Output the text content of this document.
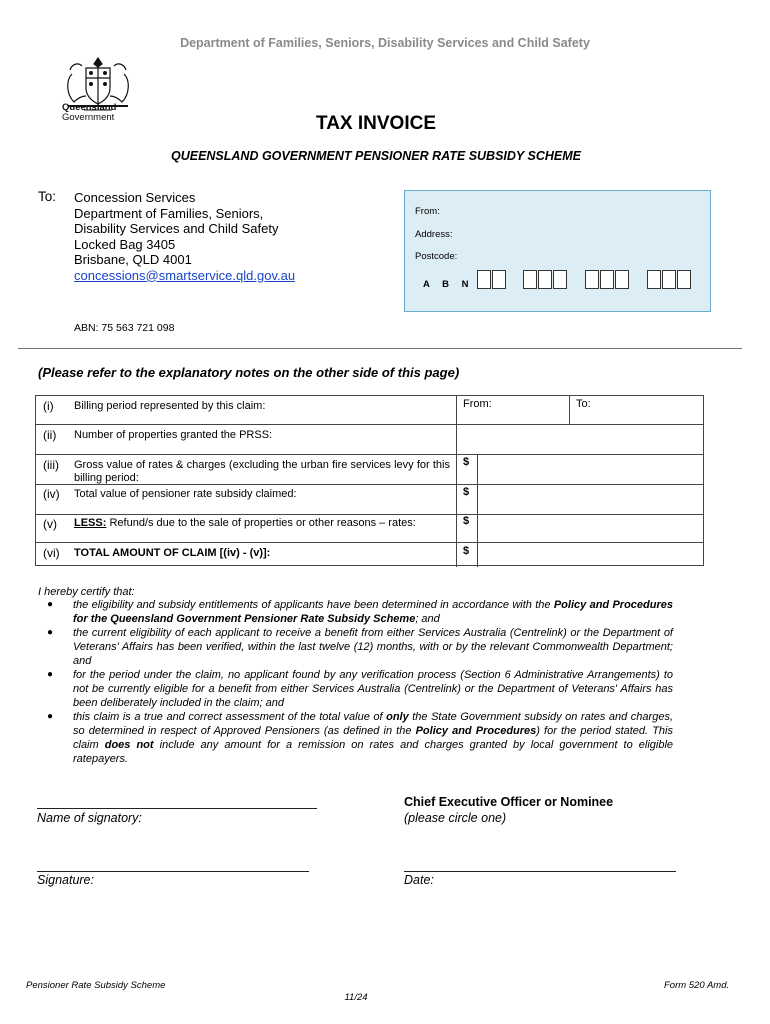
Department of Families, Seniors, Disability Services and Child Safety
Queensland
Government	TAX INVOICE
QUEENSLAND GOVERNMENT PENSIONER RATE SUBSIDY SCHEME
To: Concession Services
Department of Families, Seniors,
Disability Services and Child Safety
Locked Bag 3405
Brisbane, QLD 4001
concessions@smartservice.qld.gov.au
ABN: 75 563 721 098
From:
Address:
Postcode:
A B N
(Please refer to the explanatory notes on the other side of this page)
(i) Billing period represented by this claim:	From:	To:
(ii) Number of properties granted the PRSS:
(iii) Gross value of rates & charges (excluding the urban fire services levy for this billing period:
$
(iv) Total value of pensioner rate subsidy claimed:	$
(v) LESS: Refund/s due to the sale of properties or other reasons – rates:	$
(vi) TOTAL AMOUNT OF CLAIM [(iv) - (v)]:	$
I hereby certify that:
● the eligibility and subsidy entitlements of applicants have been determined in accordance with the Policy and Procedures for the Queensland Government Pensioner Rate Subsidy Scheme; and
● the current eligibility of each applicant to receive a benefit from either Services Australia (Centrelink) or the Department of Veterans' Affairs has been verified, within the last twelve (12) months, with or by the relevant Commonwealth Department; and
● for the period under the claim, no applicant found by any verification process (Section 6 Administrative Arrangements) to not be currently eligible for a benefit from either Services Australia (Centrelink) or the Department of Veterans' Affairs has been deliberately included in the claim; and
● this claim is a true and correct assessment of the total value of only the State Government subsidy on rates and charges, so determined in respect of Approved Pensioners (as defined in the Policy and Procedures) for the period stated. This claim does not include any amount for a remission on rates and charges granted by local government to eligible ratepayers.
Name of signatory:
Chief Executive Officer or Nominee
(please circle one)
Signature:	Date:
Pensioner Rate Subsidy Scheme	Form 520 Amd.
11/24
